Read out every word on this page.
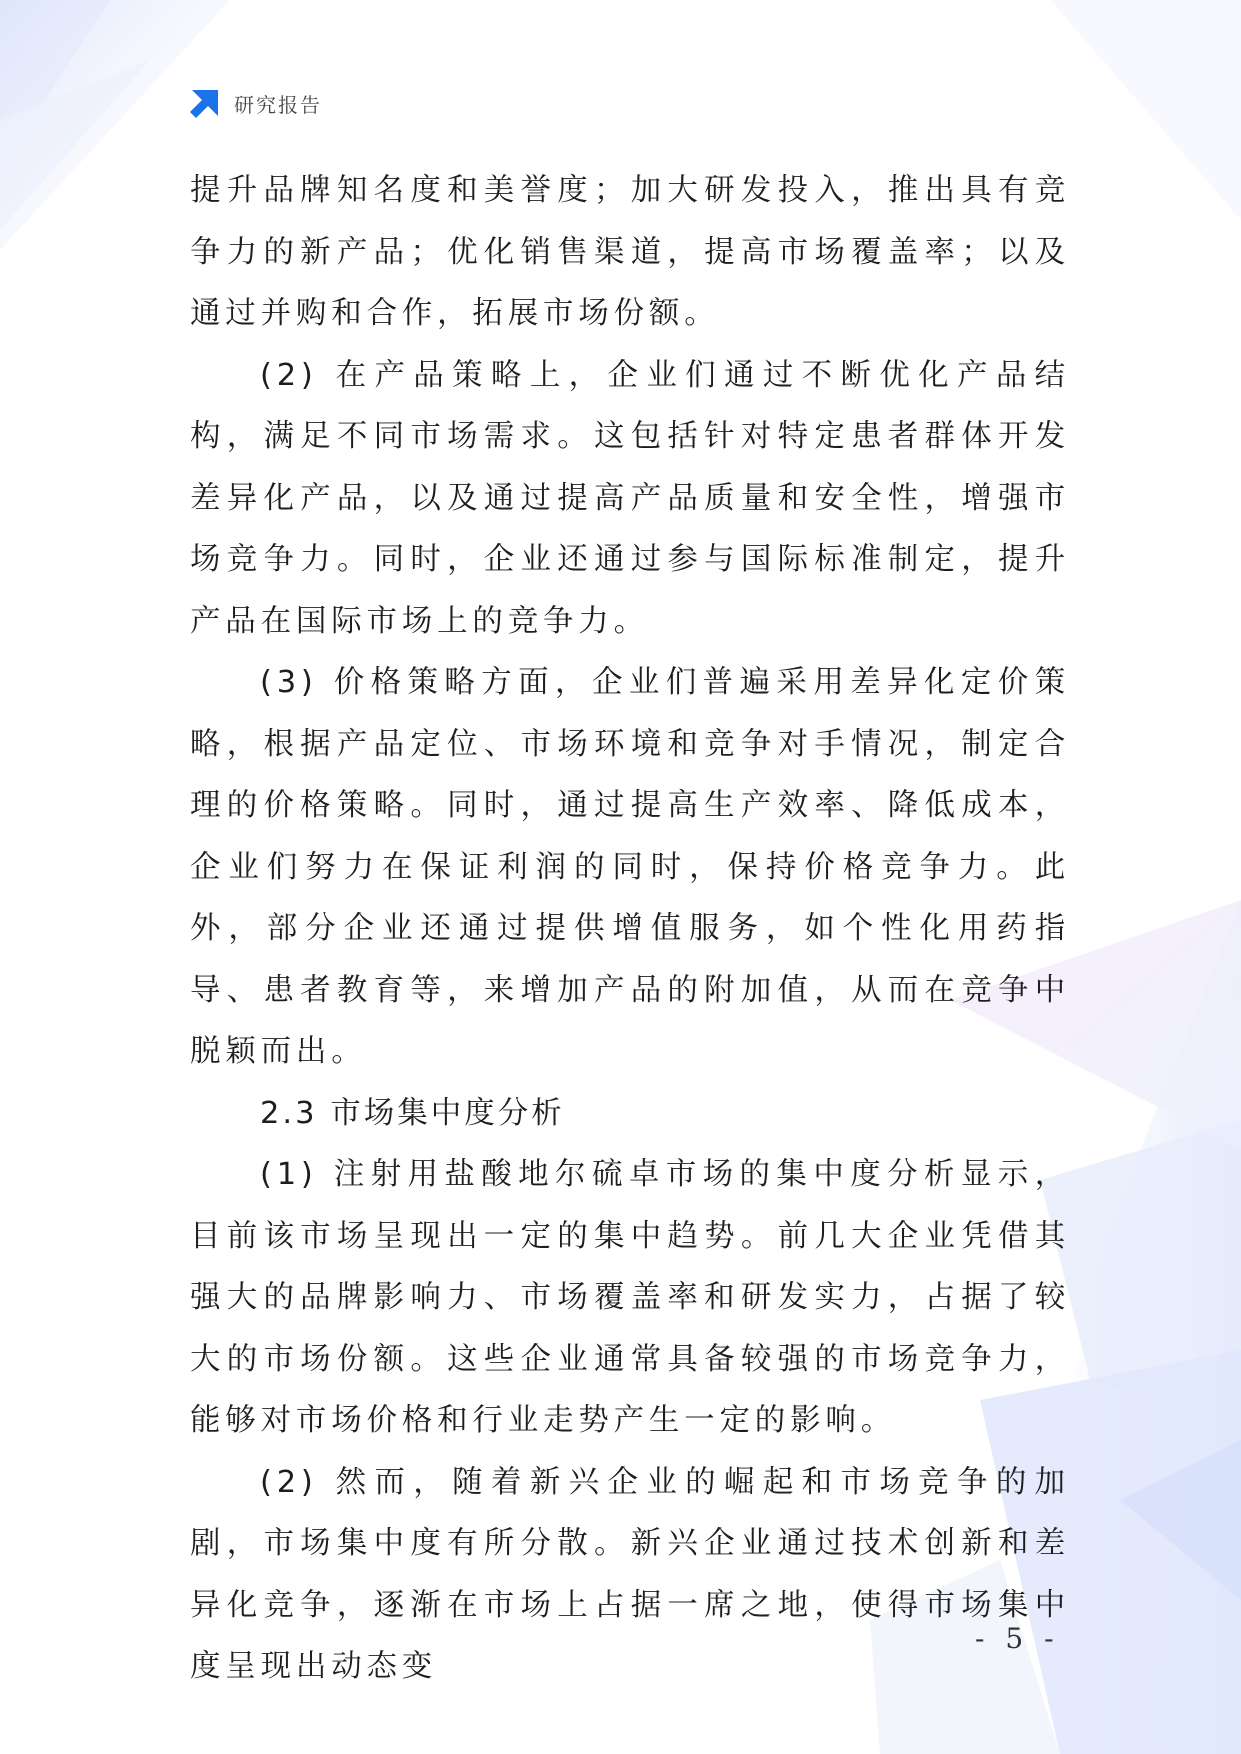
研究报告

提升品牌知名度和美誉度；加大研发投入，推出具有竞争力的新产品；优化销售渠道，提高市场覆盖率；以及通过并购和合作，拓展市场份额。

(2) 在产品策略上，企业们通过不断优化产品结构，满足不同市场需求。这包括针对特定患者群体开发差异化产品，以及通过提高产品质量和安全性，增强市场竞争力。同时，企业还通过参与国际标准制定，提升产品在国际市场上的竞争力。

(3) 价格策略方面，企业们普遍采用差异化定价策略，根据产品定位、市场环境和竞争对手情况，制定合理的价格策略。同时，通过提高生产效率、降低成本，企业们努力在保证利润的同时，保持价格竞争力。此外，部分企业还通过提供增值服务，如个性化用药指导、患者教育等，来增加产品的附加值，从而在竞争中脱颖而出。

2.3 市场集中度分析

(1) 注射用盐酸地尔硫卓市场的集中度分析显示，目前该市场呈现出一定的集中趋势。前几大企业凭借其强大的品牌影响力、市场覆盖率和研发实力，占据了较大的市场份额。这些企业通常具备较强的市场竞争力，能够对市场价格和行业走势产生一定的影响。

(2) 然而，随着新兴企业的崛起和市场竞争的加剧，市场集中度有所分散。新兴企业通过技术创新和差异化竞争，逐渐在市场上占据一席之地，使得市场集中度呈现出动态变

- 5 -
